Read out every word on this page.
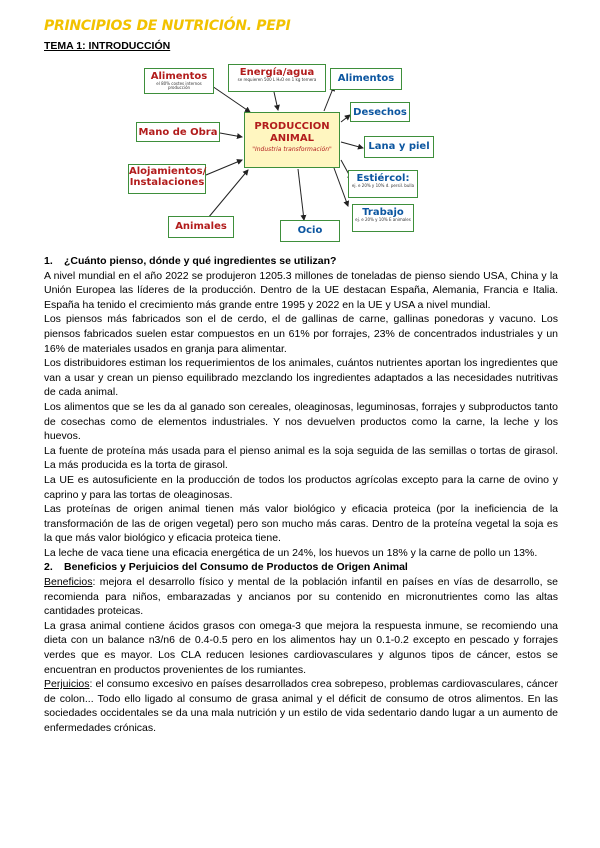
PRINCIPIOS DE NUTRICIÓN. PEPI
TEMA 1: INTRODUCCIÓN
Alimentos
el 80% costes internos producción
Energía/agua
se requieren 500 L H₂O en 1 kg ternera
Mano de Obra
Alojamientos/ Instalaciones
Animales
PRODUCCION ANIMAL
"Industria transformación"
Alimentos
Desechos
Lana y piel
Estiércol:
ej. e 20% y 10% d. persil. bulla
Trabajo
ej. e 20% y 10% E animales
Ocio
1. ¿Cuánto pienso, dónde y qué ingredientes se utilizan?

A nivel mundial en el año 2022 se produjeron 1205.3 millones de toneladas de pienso siendo USA, China y la Unión Europea las líderes de la producción. Dentro de la UE destacan España, Alemania, Francia e Italia. España ha tenido el crecimiento más grande entre 1995 y 2022 en la UE y USA a nivel mundial.

Los piensos más fabricados son el de cerdo, el de gallinas de carne, gallinas ponedoras y vacuno. Los piensos fabricados suelen estar compuestos en un 61% por forrajes, 23% de concentrados industriales y un 16% de materiales usados en granja para alimentar.

Los distribuidores estiman los requerimientos de los animales, cuántos nutrientes aportan los ingredientes que van a usar y crean un pienso equilibrado mezclando los ingredientes adaptados a las necesidades nutritivas de cada animal.

Los alimentos que se les da al ganado son cereales, oleaginosas, leguminosas, forrajes y subproductos tanto de cosechas como de elementos industriales. Y nos devuelven productos como la carne, la leche y los huevos.

La fuente de proteína más usada para el pienso animal es la soja seguida de las semillas o tortas de girasol. La más producida es la torta de girasol.

La UE es autosuficiente en la producción de todos los productos agrícolas excepto para la carne de ovino y caprino y para las tortas de oleaginosas.

Las proteínas de origen animal tienen más valor biológico y eficacia proteica (por la ineficiencia de la transformación de las de origen vegetal) pero son mucho más caras. Dentro de la proteína vegetal la soja es la que más valor biológico y eficacia proteica tiene.

La leche de vaca tiene una eficacia energética de un 24%, los huevos un 18% y la carne de pollo un 13%.

2. Beneficios y Perjuicios del Consumo de Productos de Origen Animal

Beneficios: mejora el desarrollo físico y mental de la población infantil en países en vías de desarrollo, se recomienda para niños, embarazadas y ancianos por su contenido en micronutrientes como las altas cantidades proteicas.

La grasa animal contiene ácidos grasos con omega-3 que mejora la respuesta inmune, se recomiendo una dieta con un balance n3/n6 de 0.4-0.5 pero en los alimentos hay un 0.1-0.2 excepto en pescado y forrajes verdes que es mayor. Los CLA reducen lesiones cardiovasculares y algunos tipos de cáncer, estos se encuentran en productos provenientes de los rumiantes.

Perjuicios: el consumo excesivo en países desarrollados crea sobrepeso, problemas cardiovasculares, cáncer de colon... Todo ello ligado al consumo de grasa animal y el déficit de consumo de otros alimentos. En las sociedades occidentales se da una mala nutrición y un estilo de vida sedentario dando lugar a un aumento de enfermedades crónicas.
